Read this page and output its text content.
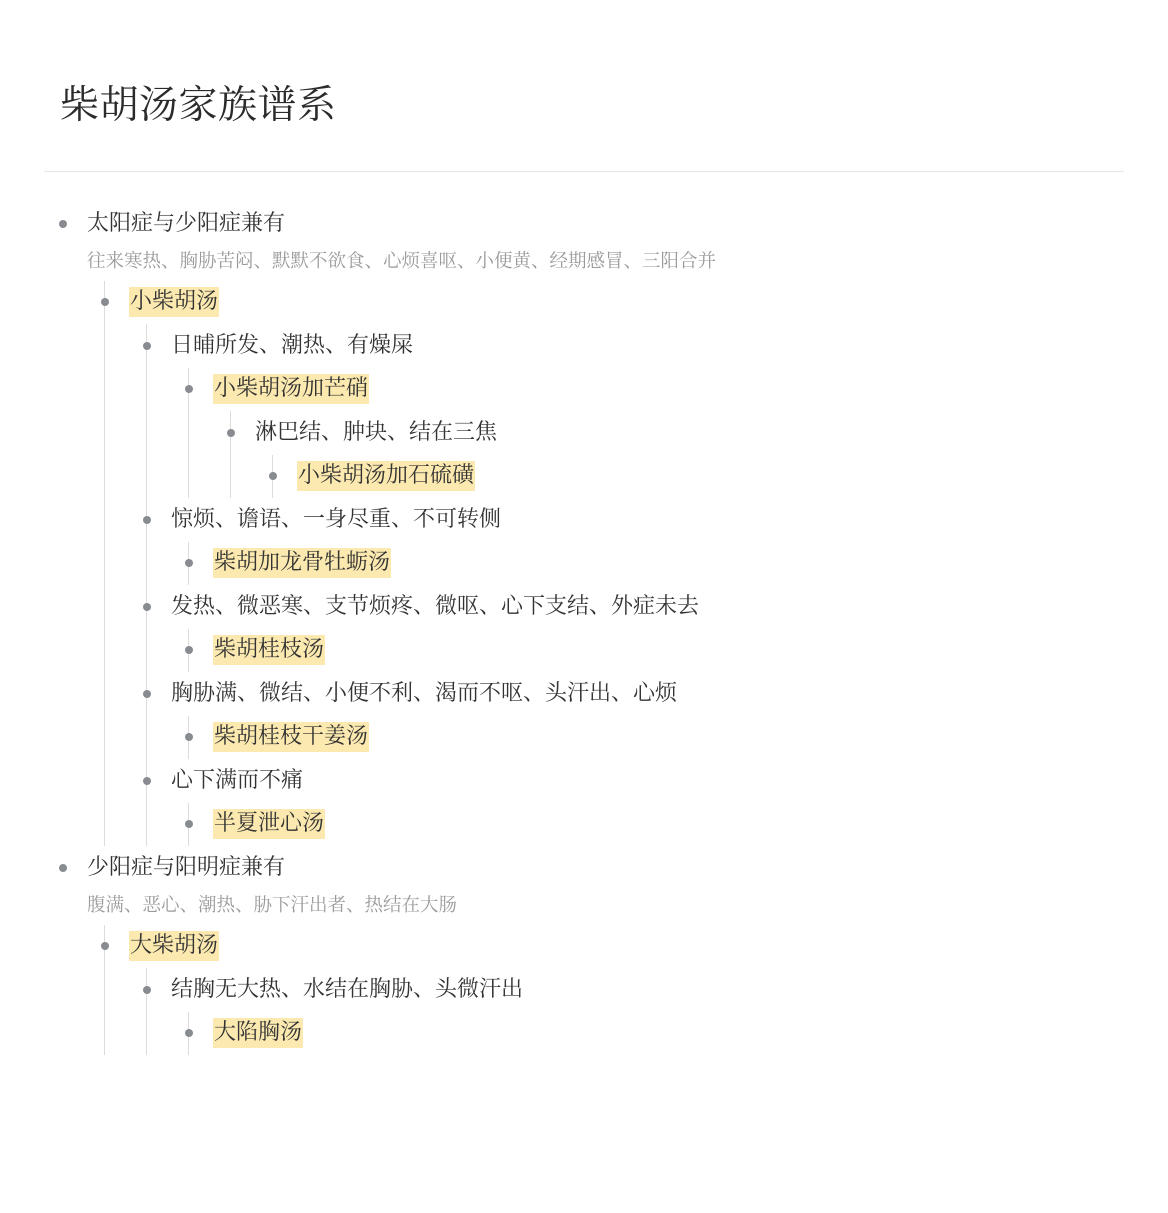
柴胡汤家族谱系
太阳症与少阳症兼有
往来寒热、胸胁苦闷、默默不欲食、心烦喜呕、小便黄、经期感冒、三阳合并
小柴胡汤
日晡所发、潮热、有燥屎
小柴胡汤加芒硝
淋巴结、肿块、结在三焦
小柴胡汤加石硫磺
惊烦、谵语、一身尽重、不可转侧
柴胡加龙骨牡蛎汤
发热、微恶寒、支节烦疼、微呕、心下支结、外症未去
柴胡桂枝汤
胸胁满、微结、小便不利、渴而不呕、头汗出、心烦
柴胡桂枝干姜汤
心下满而不痛
半夏泄心汤
少阳症与阳明症兼有
腹满、恶心、潮热、胁下汗出者、热结在大肠
大柴胡汤
结胸无大热、水结在胸胁、头微汗出
大陷胸汤
